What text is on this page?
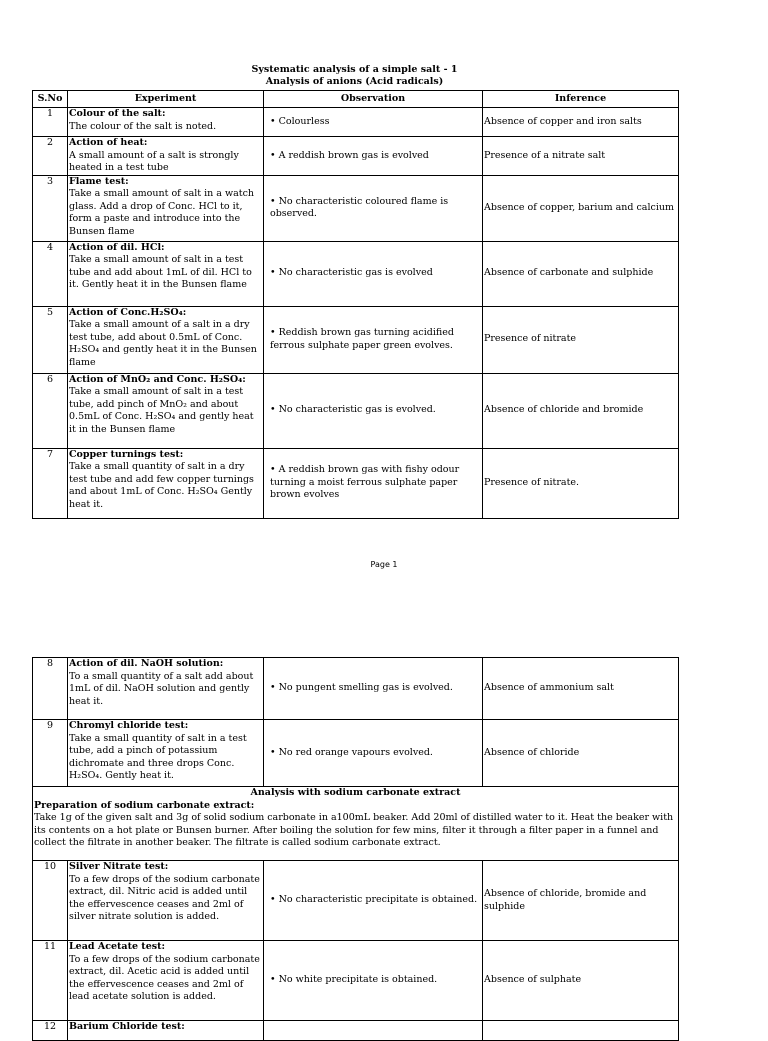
Systematic analysis of a simple salt - 1
Analysis of anions (Acid radicals)
S.No	Experiment	Observation	Inference
1	Colour of the salt:
The colour of the salt is noted.	• Colourless	Absence of copper and iron salts
2	Action of heat:
A small amount of a salt is strongly heated in a test tube	• A reddish brown gas is evolved	Presence of a nitrate salt
3	Flame test:
Take a small amount of salt in a watch glass. Add a drop of Conc. HCl to it, form a paste and introduce into the Bunsen flame	• No characteristic coloured flame is observed.	Absence of copper, barium and calcium
4	Action of dil. HCl:
Take a small amount of salt in a test tube and add about 1mL of dil. HCl to it. Gently heat it in the Bunsen flame	• No characteristic gas is evolved	Absence of carbonate and sulphide
5	Action of Conc.H₂SO₄:
Take a small amount of a salt in a dry test tube, add about 0.5mL of Conc. H₂SO₄ and gently heat it in the Bunsen flame	• Reddish brown gas turning acidified ferrous sulphate paper green evolves.	Presence of nitrate
6	Action of MnO₂ and Conc. H₂SO₄:
Take a small amount of salt in a test tube, add pinch of MnO₂ and about 0.5mL of Conc. H₂SO₄ and gently heat it in the Bunsen flame	• No characteristic gas is evolved.	Absence of chloride and bromide
7	Copper turnings test:
Take a small quantity of salt in a dry test tube and add few copper turnings and about 1mL of Conc. H₂SO₄ Gently heat it.	• A reddish brown gas with fishy odour turning a moist ferrous sulphate paper brown evolves	Presence of nitrate.
Page 1
8	Action of dil. NaOH solution:
To a small quantity of a salt add about 1mL of dil. NaOH solution and gently heat it.	• No pungent smelling gas is evolved.	Absence of ammonium salt
9	Chromyl chloride test:
Take a small quantity of salt in a test tube, add a pinch of potassium dichromate and three drops Conc. H₂SO₄. Gently heat it.	• No red orange vapours evolved.	Absence of chloride

Analysis with sodium carbonate extract
Preparation of sodium carbonate extract:
Take 1g of the given salt and 3g of solid sodium carbonate in a100mL beaker. Add 20ml of distilled water to it. Heat the beaker with its contents on a hot plate or Bunsen burner. After boiling the solution for few mins, filter it through a filter paper in a funnel and collect the filtrate in another beaker. The filtrate is called sodium carbonate extract.			

10	Silver Nitrate test:
To a few drops of the sodium carbonate extract, dil. Nitric acid is added until the effervescence ceases and 2ml of silver nitrate solution is added.	• No characteristic precipitate is obtained.	Absence of chloride, bromide and sulphide
11	Lead Acetate test:
To a few drops of the sodium carbonate extract, dil. Acetic acid is added until the effervescence ceases and 2ml of lead acetate solution is added.	• No white precipitate is obtained.	Absence of sulphate
12	Barium Chloride test:		
